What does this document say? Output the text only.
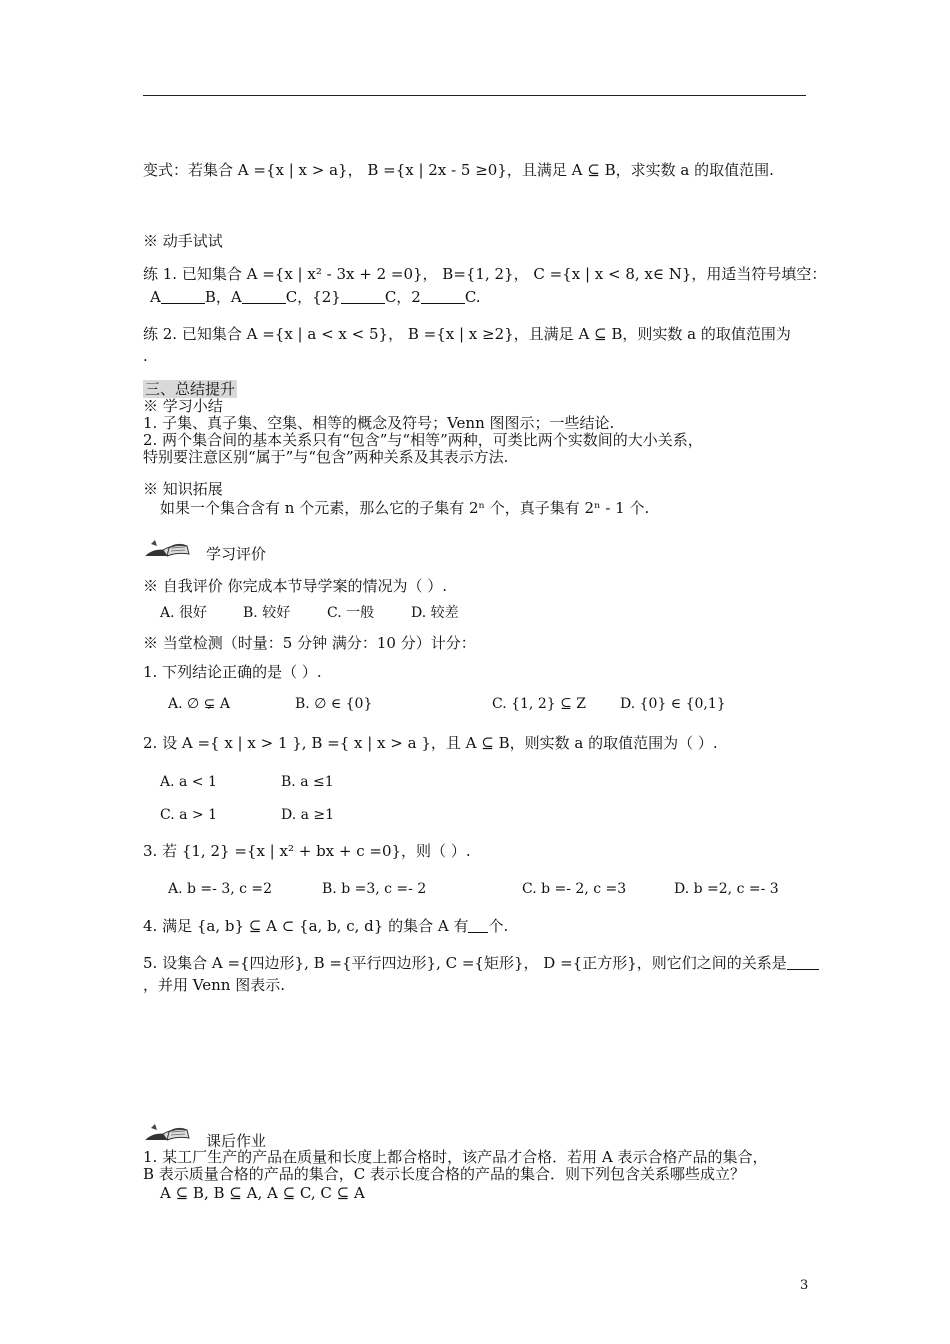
变式：若集合 A ={x | x > a}， B ={x | 2x - 5 ≥0}，且满足 A ⊆ B，求实数 a 的取值范围.
※ 动手试试
练 1. 已知集合 A ={x | x² - 3x + 2 =0}， B={1, 2}， C ={x | x < 8, x∈ N}，用适当符号填空：
A	B，A	C，{2}	C，2	C.
练 2. 已知集合 A ={x | a < x < 5}， B ={x | x ≥2}，且满足 A ⊆ B，则实数 a 的取值范围为
.
三、总结提升
※ 学习小结
1. 子集、真子集、空集、相等的概念及符号；Venn 图图示；一些结论.
2. 两个集合间的基本关系只有“包含”与“相等”两种，可类比两个实数间的大小关系，
特别要注意区别“属于”与“包含”两种关系及其表示方法.
※ 知识拓展
如果一个集合含有 n 个元素，那么它的子集有 2ⁿ 个，真子集有 2ⁿ - 1 个.
学习评价
※ 自我评价 你完成本节导学案的情况为（ ）.
A. 很好	B. 较好	C. 一般	D. 较差
※ 当堂检测（时量：5 分钟 满分：10 分）计分：
1. 下列结论正确的是（ ）.
A. ∅ ⊊ A	B. ∅ ∈ {0}	C. {1, 2} ⊆ Z D. {0} ∈ {0,1}
2. 设 A ={ x | x > 1 }, B ={ x | x > a }，且 A ⊆ B，则实数 a 的取值范围为（ ）.
A. a < 1	B. a ≤1
C. a > 1	D. a ≥1
3. 若 {1, 2} ={x | x² + bx + c =0}，则（ ）.
A. b =- 3, c =2	B. b =3, c =- 2	C. b =- 2, c =3	D. b =2, c =- 3
4. 满足 {a, b} ⊆ A ⊂ {a, b, c, d} 的集合 A 有 个.
5. 设集合 A ={四边形}, B ={平行四边形}, C ={矩形}， D ={正方形}，则它们之间的关系是
，并用 Venn 图表示.
课后作业
1. 某工厂生产的产品在质量和长度上都合格时，该产品才合格．若用 A 表示合格产品的集合，
B 表示质量合格的产品的集合，C 表示长度合格的产品的集合．则下列包含关系哪些成立？
A ⊆ B, B ⊆ A, A ⊆ C, C ⊆ A
3
